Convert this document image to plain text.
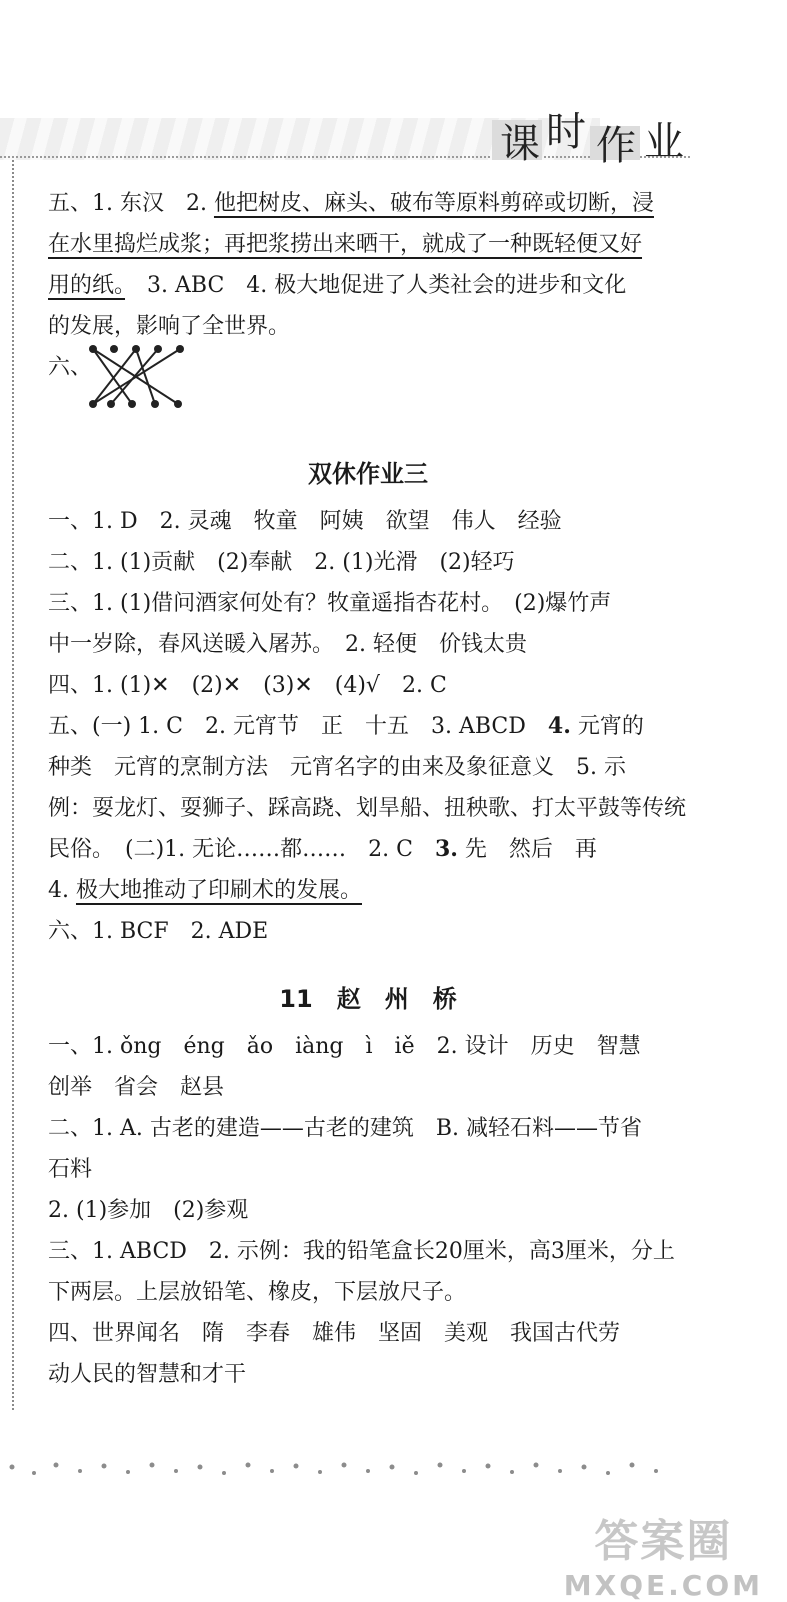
课 时 作 业
五、1. 东汉　2. 他把树皮、麻头、破布等原料剪碎或切断，浸
在水里捣烂成浆；再把浆捞出来晒干，就成了一种既轻便又好
用的纸。　3. ABC　4. 极大地促进了人类社会的进步和文化
的发展，影响了全世界。
六、
双休作业三
一、1. D　2. 灵魂　牧童　阿姨　欲望　伟人　经验
二、1. (1)贡献　(2)奉献　2. (1)光滑　(2)轻巧
三、1. (1)借问酒家何处有？牧童遥指杏花村。　(2)爆竹声
中一岁除，春风送暖入屠苏。　2. 轻便　价钱太贵
四、1. (1)✕　(2)✕　(3)✕　(4)√　2. C
五、(一) 1. C　2. 元宵节　正　十五　3. ABCD　4. 元宵的
种类　元宵的烹制方法　元宵名字的由来及象征意义　5. 示
例：耍龙灯、耍狮子、踩高跷、划旱船、扭秧歌、打太平鼓等传统
民俗。　(二)1. 无论……都……　2. C　3. 先　然后　再
4. 极大地推动了印刷术的发展。
六、1. BCF　2. ADE
11　赵　州　桥
一、1. ǒng　éng　ǎo　iàng　ì　iě　2. 设计　历史　智慧
创举　省会　赵县
二、1. A. 古老的建造——古老的建筑　B. 减轻石料——节省
石料
2. (1)参加　(2)参观
三、1. ABCD　2. 示例：我的铅笔盒长20厘米，高3厘米，分上
下两层。上层放铅笔、橡皮，下层放尺子。
四、世界闻名　隋　李春　雄伟　坚固　美观　我国古代劳
动人民的智慧和才干
答案圈
MXQE.COM
